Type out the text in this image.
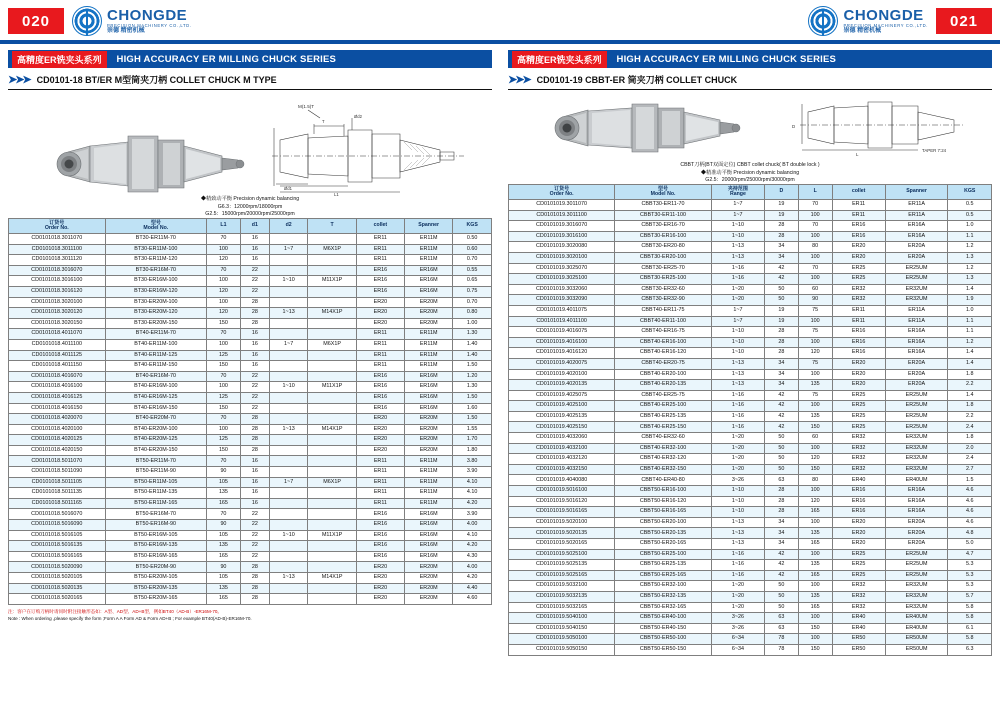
020	CHONGDE
PRECISION MACHINERY CO.,LTD.
崇德 精密机械
高精度ER铣夹头系列	HIGH ACCURACY ER MILLING CHUCK SERIES
➤➤➤ CD0101-18 BT/ER M型筒夹刀柄 COLLET CHUCK M TYPE
M(1.5)T
Ød1
L1
T
Ød2
◆精致动平衡 Precision dynamic balancing
G6.3：12000rpm/18000rpm
G2.5：15000rpm/20000rpm/25000rpm
订货号
Order No.	型号
Model No.	L1	d1	d2	T	collet	Spanner	KGS
CD0101018.3011070	BT30-ER11M-70	70	16			ER11	ER11M	0.50
CD0101018.3011100	BT30-ER11M-100	100	16	1~7	M6X1P	ER11	ER11M	0.60
CD0101018.3011120	BT30-ER11M-120	120	16			ER11	ER11M	0.70
CD0101018.3016070	BT30-ER16M-70	70	22			ER16	ER16M	0.55
CD0101018.3016100	BT30-ER16M-100	100	22	1~10	M11X1P	ER16	ER16M	0.65
CD0101018.3016120	BT30-ER16M-120	120	22			ER16	ER16M	0.75
CD0101018.3020100	BT30-ER20M-100	100	28			ER20	ER20M	0.70
CD0101018.3020120	BT30-ER20M-120	120	28	1~13	M14X1P	ER20	ER20M	0.80
CD0101018.3020150	BT30-ER20M-150	150	28			ER20	ER20M	1.00
CD0101018.4011070	BT40-ER11M-70	70	16			ER11	ER11M	1.30
CD0101018.4011100	BT40-ER11M-100	100	16	1~7	M6X1P	ER11	ER11M	1.40
CD0101018.4011125	BT40-ER11M-125	125	16			ER11	ER11M	1.40
CD0101018.4011150	BT40-ER11M-150	150	16			ER11	ER11M	1.50
CD0101018.4016070	BT40-ER16M-70	70	22			ER16	ER16M	1.20
CD0101018.4016100	BT40-ER16M-100	100	22	1~10	M11X1P	ER16	ER16M	1.30
CD0101018.4016125	BT40-ER16M-125	125	22			ER16	ER16M	1.50
CD0101018.4016150	BT40-ER16M-150	150	22			ER16	ER16M	1.60
CD0101018.4020070	BT40-ER20M-70	70	28			ER20	ER20M	1.50
CD0101018.4020100	BT40-ER20M-100	100	28	1~13	M14X1P	ER20	ER20M	1.55
CD0101018.4020125	BT40-ER20M-125	125	28			ER20	ER20M	1.70
CD0101018.4020150	BT40-ER20M-150	150	28			ER20	ER20M	1.80
CD0101018.5011070	BT50-ER11M-70	70	16			ER11	ER11M	3.80
CD0101018.5011090	BT50-ER11M-90	90	16			ER11	ER11M	3.90
CD0101018.5011105	BT50-ER11M-105	105	16	1~7	M6X1P	ER11	ER11M	4.10
CD0101018.5011135	BT50-ER11M-135	135	16			ER11	ER11M	4.10
CD0101018.5011165	BT50-ER11M-165	165	16			ER11	ER11M	4.20
CD0101018.5016070	BT50-ER16M-70	70	22			ER16	ER16M	3.90
CD0101018.5016090	BT50-ER16M-90	90	22			ER16	ER16M	4.00
CD0101018.5016105	BT50-ER16M-105	105	22	1~10	M11X1P	ER16	ER16M	4.10
CD0101018.5016135	BT50-ER16M-135	135	22			ER16	ER16M	4.20
CD0101018.5016165	BT50-ER16M-165	165	22			ER16	ER16M	4.30
CD0101018.5020090	BT50-ER20M-90	90	28			ER20	ER20M	4.00
CD0101018.5020105	BT50-ER20M-105	105	28	1~13	M14X1P	ER20	ER20M	4.20
CD0101018.5020135	BT50-ER20M-135	135	28			ER20	ER20M	4.40
CD0101018.5020165	BT50-ER20M-165	165	28			ER20	ER20M	4.60
注：客户在订购刀柄时请同时附注接触形态如：A型、AD型、AD+B型，例如BT40（AD-B）-ER16M-70。
Note : When ordering ,please specify the form ;Form A A Form AD & Form AD+B ; For example BT40(AD-B)-ER16M-70.
021
CHONGDE
PRECISION MACHINERY CO.,LTD.
崇德 精密机械
高精度ER铣夹头系列	HIGH ACCURACY ER MILLING CHUCK SERIES
➤➤➤ CD0101-19 CBBT-ER 筒夹刀柄 COLLET CHUCK
TAPER 7:24
L
D
CBBT刀柄(BT双面定位) CBBT collet chuck( BT double lock )
◆精准动平衡 Precision dynamic balancing
G2.5：20000rpm/25000rpm/30000rpm
订货号
Order No.	型号
Model No.	夹持范围
Range	D	L	collet	Spanner	KGS
CD0101019.3011070	CBBT30-ER11-70	1~7	19	70	ER11	ER11A	0.5
CD0101019.3011100	CBBT30-ER11-100	1~7	19	100	ER11	ER11A	0.5
CD0101019.3016070	CBBT30-ER16-70	1~10	28	70	ER16	ER16A	1.0
CD0101019.3016100	CBBT30-ER16-100	1~10	28	100	ER16	ER16A	1.1
CD0101019.3020080	CBBT30-ER20-80	1~13	34	80	ER20	ER20A	1.2
CD0101019.3020100	CBBT30-ER20-100	1~13	34	100	ER20	ER20A	1.3
CD0101019.3025070	CBBT30-ER25-70	1~16	42	70	ER25	ER25UM	1.2
CD0101019.3025100	CBBT30-ER25-100	1~16	42	100	ER25	ER25UM	1.3
CD0101019.3032060	CBBT30-ER32-60	1~20	50	60	ER32	ER32UM	1.4
CD0101019.3032090	CBBT30-ER32-90	1~20	50	90	ER32	ER32UM	1.9
CD0101019.4011075	CBBT40-ER11-75	1~7	19	75	ER11	ER11A	1.0
CD0101019.4011100	CBBT40-ER11-100	1~7	19	100	ER11	ER11A	1.1
CD0101019.4016075	CBBT40-ER16-75	1~10	28	75	ER16	ER16A	1.1
CD0101019.4016100	CBBT40-ER16-100	1~10	28	100	ER16	ER16A	1.2
CD0101019.4016120	CBBT40-ER16-120	1~10	28	120	ER16	ER16A	1.4
CD0101019.4020075	CBBT40-ER20-75	1~13	34	75	ER20	ER20A	1.4
CD0101019.4020100	CBBT40-ER20-100	1~13	34	100	ER20	ER20A	1.8
CD0101019.4020135	CBBT40-ER20-135	1~13	34	135	ER20	ER20A	2.2
CD0101019.4025075	CBBT40-ER25-75	1~16	42	75	ER25	ER25UM	1.4
CD0101019.4025100	CBBT40-ER25-100	1~16	42	100	ER25	ER25UM	1.8
CD0101019.4025135	CBBT40-ER25-135	1~16	42	135	ER25	ER25UM	2.2
CD0101019.4025150	CBBT40-ER25-150	1~16	42	150	ER25	ER25UM	2.4
CD0101019.4032060	CBBT40-ER32-60	1~20	50	60	ER32	ER32UM	1.8
CD0101019.4032100	CBBT40-ER32-100	1~20	50	100	ER32	ER32UM	2.0
CD0101019.4032120	CBBT40-ER32-120	1~20	50	120	ER32	ER32UM	2.4
CD0101019.4032150	CBBT40-ER32-150	1~20	50	150	ER32	ER32UM	2.7
CD0101019.4040080	CBBT40-ER40-80	3~26	63	80	ER40	ER40UM	1.5
CD0101019.5016100	CBBT50-ER16-100	1~10	28	100	ER16	ER16A	4.6
CD0101019.5016120	CBBT50-ER16-120	1~10	28	120	ER16	ER16A	4.6
CD0101019.5016165	CBBT50-ER16-165	1~10	28	165	ER16	ER16A	4.6
CD0101019.5020100	CBBT50-ER20-100	1~13	34	100	ER20	ER20A	4.6
CD0101019.5020135	CBBT50-ER20-135	1~13	34	135	ER20	ER20A	4.8
CD0101019.5020165	CBBT50-ER20-165	1~13	34	165	ER20	ER20A	5.0
CD0101019.5025100	CBBT50-ER25-100	1~16	42	100	ER25	ER25UM	4.7
CD0101019.5025135	CBBT50-ER25-135	1~16	42	135	ER25	ER25UM	5.3
CD0101019.5025165	CBBT50-ER25-165	1~16	42	165	ER25	ER25UM	5.3
CD0101019.5032100	CBBT50-ER32-100	1~20	50	100	ER32	ER32UM	5.3
CD0101019.5032135	CBBT50-ER32-135	1~20	50	135	ER32	ER32UM	5.7
CD0101019.5032165	CBBT50-ER32-165	1~20	50	165	ER32	ER32UM	5.8
CD0101019.5040100	CBBT50-ER40-100	3~26	63	100	ER40	ER40UM	5.8
CD0101019.5040150	CBBT50-ER40-150	3~26	63	150	ER40	ER40UM	6.1
CD0101019.5050100	CBBT50-ER50-100	6~34	78	100	ER50	ER50UM	5.8
CD0101019.5050150	CBBT50-ER50-150	6~34	78	150	ER50	ER50UM	6.3
